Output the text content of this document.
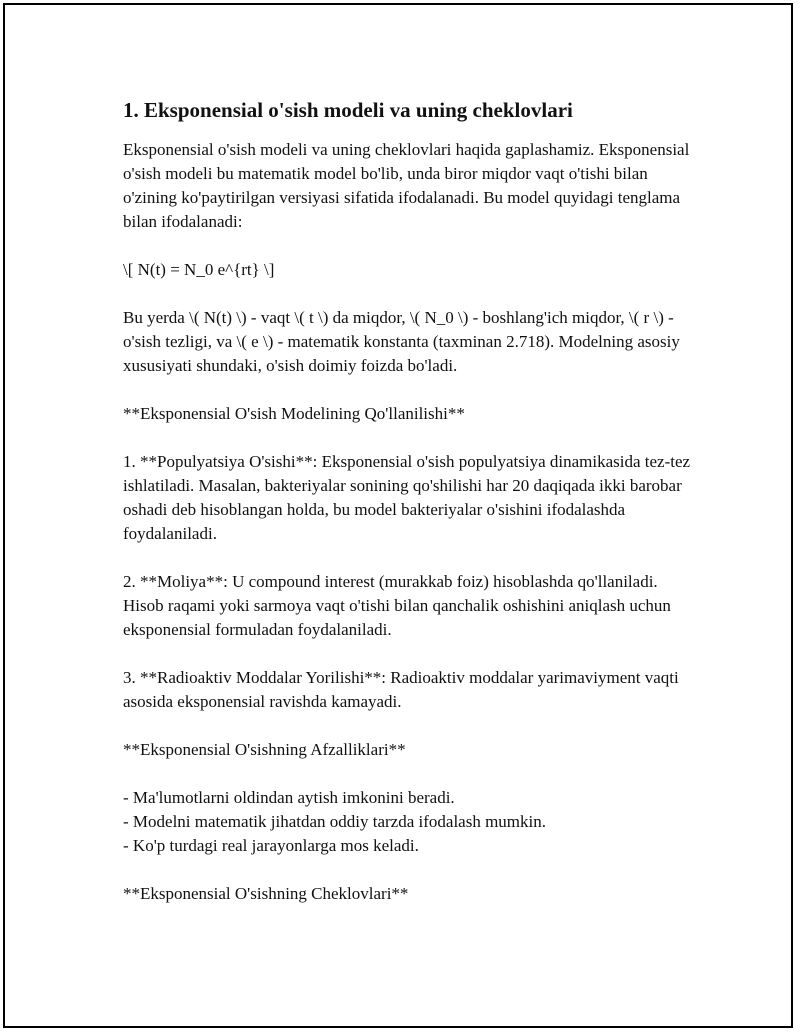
1. Eksponensial o'sish modeli va uning cheklovlari

Eksponensial o'sish modeli va uning cheklovlari haqida gaplashamiz. Eksponensial o'sish modeli bu matematik model bo'lib, unda biror miqdor vaqt o'tishi bilan o'zining ko'paytirilgan versiyasi sifatida ifodalanadi. Bu model quyidagi tenglama bilan ifodalanadi:

\[ N(t) = N_0 e^{rt} \]

Bu yerda \( N(t) \) - vaqt \( t \) da miqdor, \( N_0 \) - boshlang'ich miqdor, \( r \) - o'sish tezligi, va \( e \) - matematik konstanta (taxminan 2.718). Modelning asosiy xususiyati shundaki, o'sish doimiy foizda bo'ladi.

**Eksponensial O'sish Modelining Qo'llanilishi**

1. **Populyatsiya O'sishi**: Eksponensial o'sish populyatsiya dinamikasida tez-tez ishlatiladi. Masalan, bakteriyalar sonining qo'shilishi har 20 daqiqada ikki barobar oshadi deb hisoblangan holda, bu model bakteriyalar o'sishini ifodalashda foydalaniladi.

2. **Moliya**: U compound interest (murakkab foiz) hisoblashda qo'llaniladi. Hisob raqami yoki sarmoya vaqt o'tishi bilan qanchalik oshishini aniqlash uchun eksponensial formuladan foydalaniladi.

3. **Radioaktiv Moddalar Yorilishi**: Radioaktiv moddalar yarimaviyment vaqti asosida eksponensial ravishda kamayadi.

**Eksponensial O'sishning Afzalliklari**

- Ma'lumotlarni oldindan aytish imkonini beradi.
- Modelni matematik jihatdan oddiy tarzda ifodalash mumkin.
- Ko'p turdagi real jarayonlarga mos keladi.

**Eksponensial O'sishning Cheklovlari**
